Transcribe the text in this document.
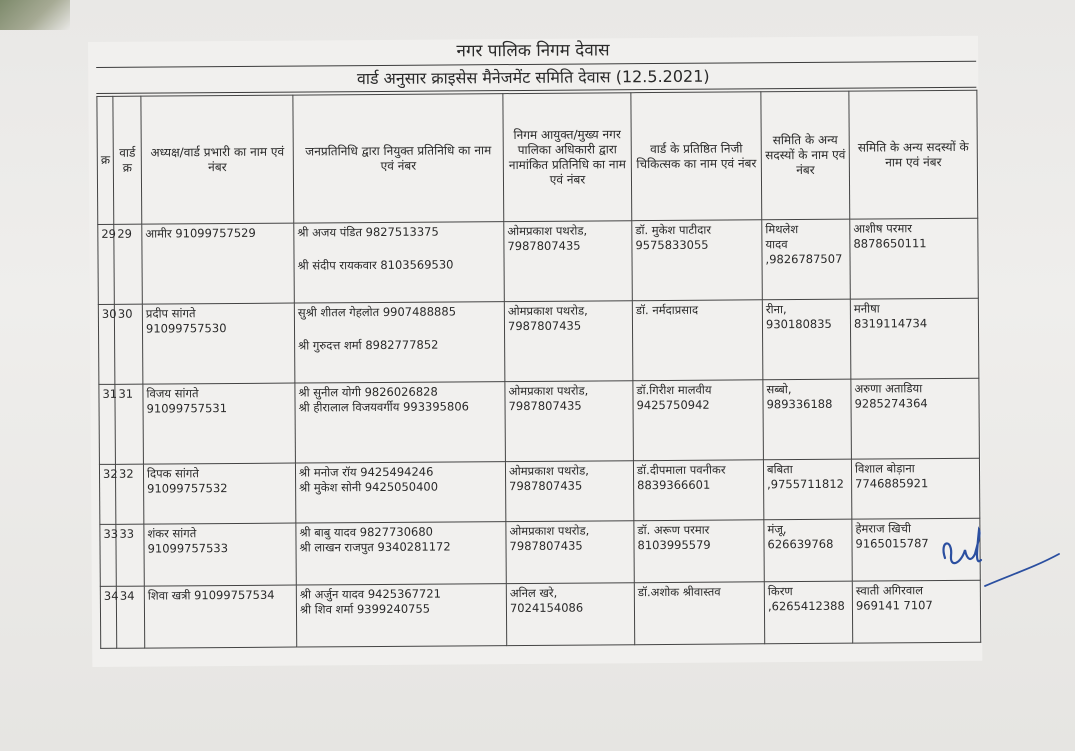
नगर पालिक निगम देवास
वार्ड अनुसार क्राइसेस मैनेजमेंट समिति देवास (12.5.2021)
क्र	वार्ड क्र	अध्यक्ष/वार्ड प्रभारी का नाम एवं नंबर	जनप्रतिनिधि द्वारा नियुक्त प्रतिनिधि का नाम एवं नंबर	निगम आयुक्त/मुख्य नगर पालिका अधिकारी द्वारा नामांकित प्रतिनिधि का नाम एवं नंबर	वार्ड के प्रतिष्ठित निजी चिकित्सक का नाम एवं नंबर	समिति के अन्य सदस्यों के नाम एवं नंबर	समिति के अन्य सदस्यों के नाम एवं नंबर

29	29	आमीर 91099757529	श्री अजय पंडित 9827513375
श्री संदीप रायकवार 8103569530	ओमप्रकाश पथरोड,
7987807435	डॉ. मुकेश पाटीदार
9575833055	मिथलेश
यादव
,9826787507	आशीष परमार
8878650111

30	30	प्रदीप सांगते
91099757530	सुश्री शीतल गेहलोत 9907488885
श्री गुरुदत्त शर्मा 8982777852	ओमप्रकाश पथरोड,
7987807435	डॉ. नर्मदाप्रसाद	रीना,
930180835	मनीषा
8319114734

31	31	विजय सांगते
91099757531	श्री सुनील योगी 9826026828
श्री हीरालाल विजयवर्गीय 993395806	ओमप्रकाश पथरोड,
7987807435	डॉ.गिरीश मालवीय
9425750942	सब्बो,
989336188	अरुणा अताडिया
9285274364

32	32	दिपक सांगते
91099757532	श्री मनोज रॉय 9425494246
श्री मुकेश सोनी 9425050400	ओमप्रकाश पथरोड,
7987807435	डॉ.दीपमाला पवनीकर
8839366601	बबिता
,9755711812	विशाल बोड़ाना
7746885921

33	33	शंकर सांगते
91099757533	श्री बाबु यादव 9827730680
श्री लाखन राजपुत 9340281172	ओमप्रकाश पथरोड,
7987807435	डॉ. अरूण परमार
8103995579	मंजू,
626639768	हेमराज खिची
9165015787

34	34	शिवा खत्री 91099757534	श्री अर्जुन यादव 9425367721
श्री शिव शर्मा 9399240755	अनिल खरे,
7024154086	डॉ.अशोक श्रीवास्तव	किरण
,6265412388	स्वाती अगिरवाल
969141 7107
